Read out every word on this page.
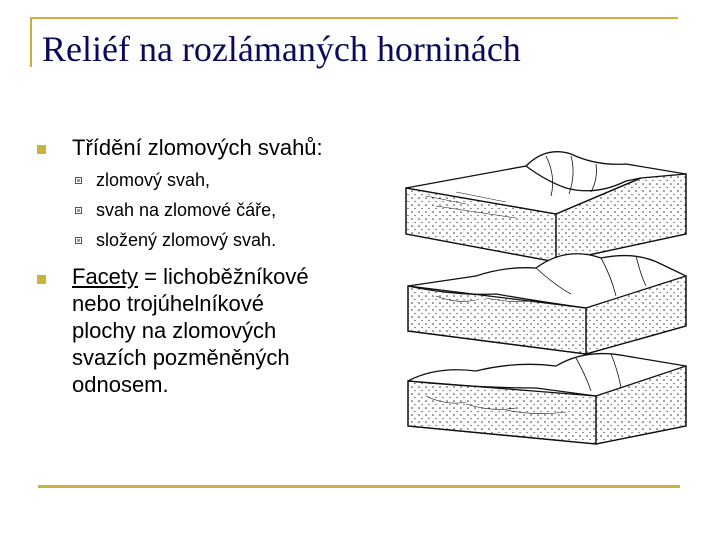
Reliéf na rozlámaných horninách
Třídění zlomových svahů:
zlomový svah,
svah na zlomové čáře,
složený zlomový svah.
Facety = lichoběžníkové
nebo trojúhelníkové
plochy na zlomových
svazích pozměněných
odnosem.
